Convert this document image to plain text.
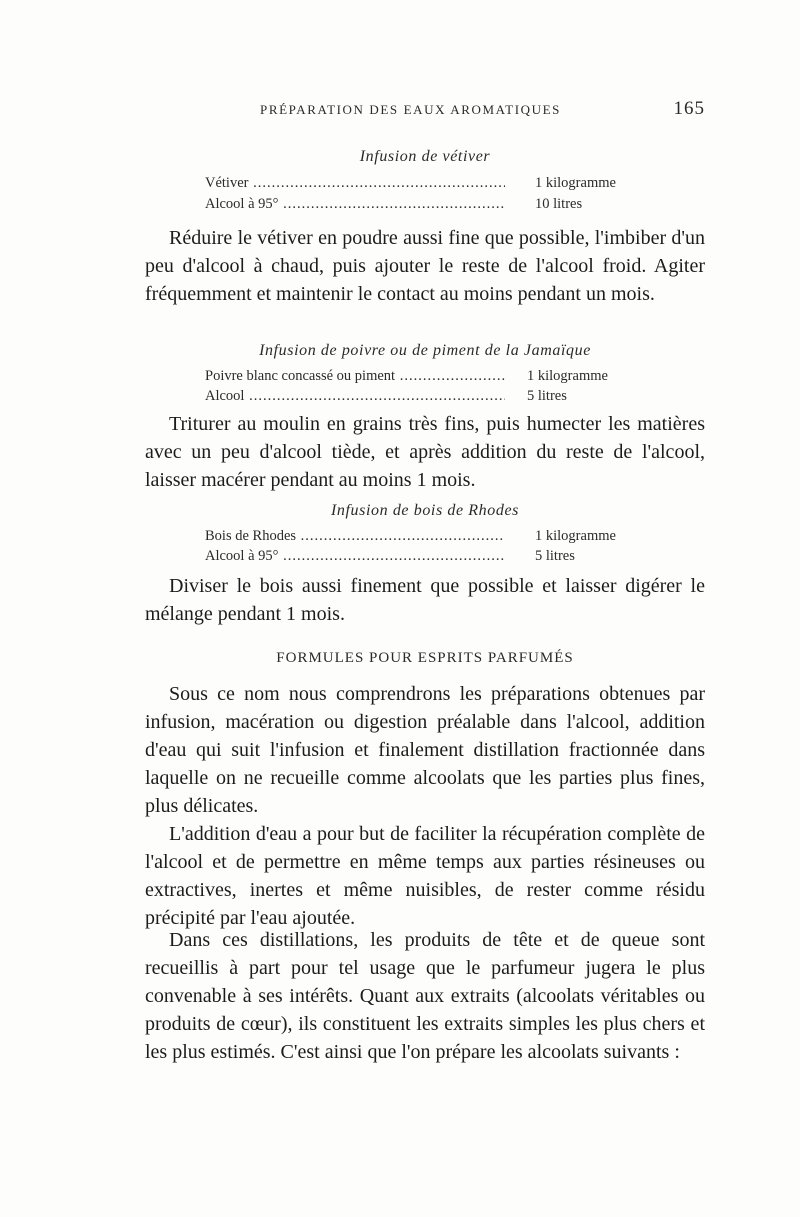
PRÉPARATION DES EAUX AROMATIQUES	165
Infusion de vétiver
Vétiver .....	1 kilogramme
Alcool à 95° .....	10 litres

Réduire le vétiver en poudre aussi fine que possible, l'imbiber d'un peu d'alcool à chaud, puis ajouter le reste de l'alcool froid. Agiter fréquemment et maintenir le contact au moins pendant un mois.

Infusion de poivre ou de piment de la Jamaïque
Poivre blanc concassé ou piment .....	1 kilogramme
Alcool .....	5 litres

Triturer au moulin en grains très fins, puis humecter les matières avec un peu d'alcool tiède, et après addition du reste de l'alcool, laisser macérer pendant au moins 1 mois.

Infusion de bois de Rhodes
Bois de Rhodes .....	1 kilogramme
Alcool à 95° .....	5 litres

Diviser le bois aussi finement que possible et laisser digérer le mélange pendant 1 mois.

FORMULES POUR ESPRITS PARFUMÉS

Sous ce nom nous comprendrons les préparations obtenues par infusion, macération ou digestion préalable dans l'alcool, addition d'eau qui suit l'infusion et finalement distillation fractionnée dans laquelle on ne recueille comme alcoolats que les parties plus fines, plus délicates.

L'addition d'eau a pour but de faciliter la récupération complète de l'alcool et de permettre en même temps aux parties résineuses ou extractives, inertes et même nuisibles, de rester comme résidu précipité par l'eau ajoutée.

Dans ces distillations, les produits de tête et de queue sont recueillis à part pour tel usage que le parfumeur jugera le plus convenable à ses intérêts. Quant aux extraits (alcoolats véritables ou produits de cœur), ils constituent les extraits simples les plus chers et les plus estimés. C'est ainsi que l'on prépare les alcoolats suivants :
